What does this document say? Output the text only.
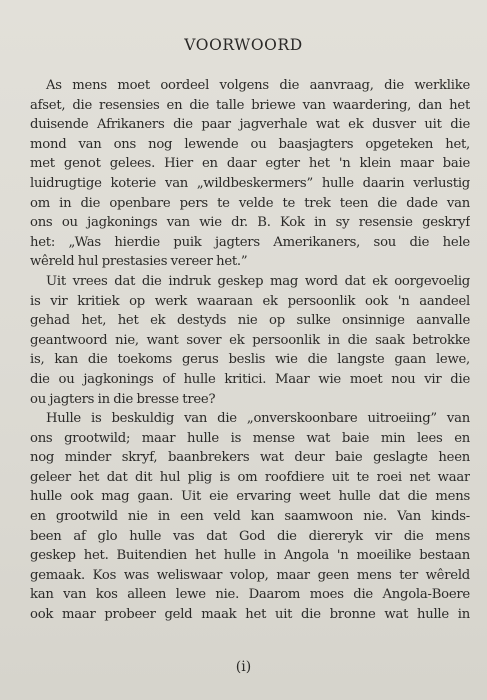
VOORWOORD
As mens moet oordeel volgens die aanvraag, die werklike
afset, die resensies en die talle briewe van waardering, dan het
duisende Afrikaners die paar jagverhale wat ek dusver uit die
mond van ons nog lewende ou baasjagters opgeteken het,
met genot gelees. Hier en daar egter het 'n klein maar baie
luidrugtige koterie van „wildbeskermers” hulle daarin verlustig
om in die openbare pers te velde te trek teen die dade van
ons ou jagkonings van wie dr. B. Kok in sy resensie geskryf
het: „Was hierdie puik jagters Amerikaners, sou die hele
wêreld hul prestasies vereer het.”
Uit vrees dat die indruk geskep mag word dat ek oorgevoelig
is vir kritiek op werk waaraan ek persoonlik ook 'n aandeel
gehad het, het ek destyds nie op sulke onsinnige aanvalle
geantwoord nie, want sover ek persoonlik in die saak betrokke
is, kan die toekoms gerus beslis wie die langste gaan lewe,
die ou jagkonings of hulle kritici. Maar wie moet nou vir die
ou jagters in die bresse tree?
Hulle is beskuldig van die „onverskoonbare uitroeiing” van
ons grootwild; maar hulle is mense wat baie min lees en
nog minder skryf, baanbrekers wat deur baie geslagte heen
geleer het dat dit hul plig is om roofdiere uit te roei net waar
hulle ook mag gaan. Uit eie ervaring weet hulle dat die mens
en grootwild nie in een veld kan saamwoon nie. Van kinds-
been af glo hulle vas dat God die diereryk vir die mens
geskep het. Buitendien het hulle in Angola 'n moeilike bestaan
gemaak. Kos was weliswaar volop, maar geen mens ter wêreld
kan van kos alleen lewe nie. Daarom moes die Angola-Boere
ook maar probeer geld maak het uit die bronne wat hulle in
(i)
